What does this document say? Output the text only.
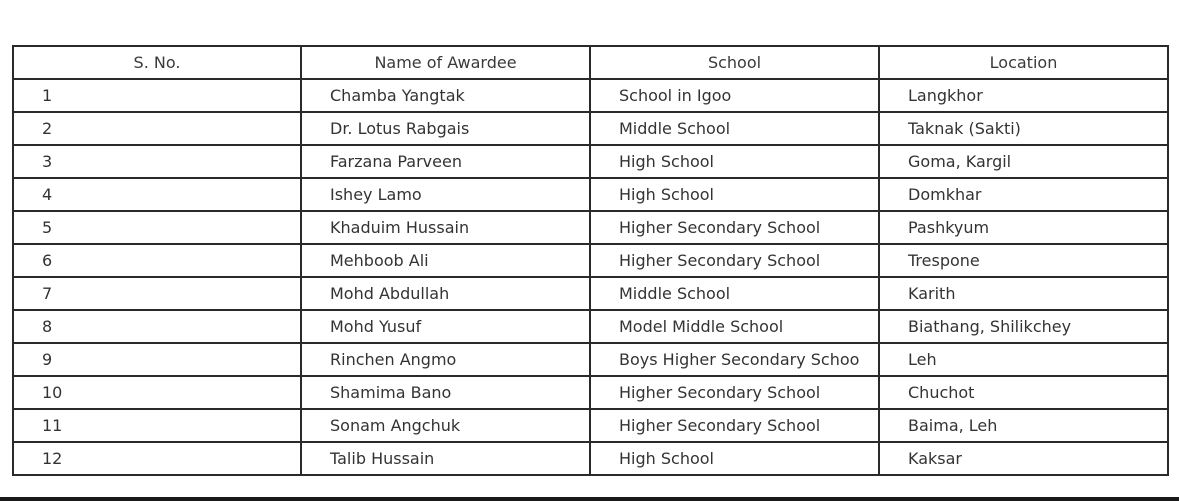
S. No.	Name of Awardee	School	Location
1	Chamba Yangtak	School in Igoo	Langkhor
2	Dr. Lotus Rabgais	Middle School	Taknak (Sakti)
3	Farzana Parveen	High School	Goma, Kargil
4	Ishey Lamo	High School	Domkhar
5	Khaduim Hussain	Higher Secondary School	Pashkyum
6	Mehboob Ali	Higher Secondary School	Trespone
7	Mohd Abdullah	Middle School	Karith
8	Mohd Yusuf	Model Middle School	Biathang, Shilikchey
9	Rinchen Angmo	Boys Higher Secondary Schoo	Leh
10	Shamima Bano	Higher Secondary School	Chuchot
11	Sonam Angchuk	Higher Secondary School	Baima, Leh
12	Talib Hussain	High School	Kaksar
